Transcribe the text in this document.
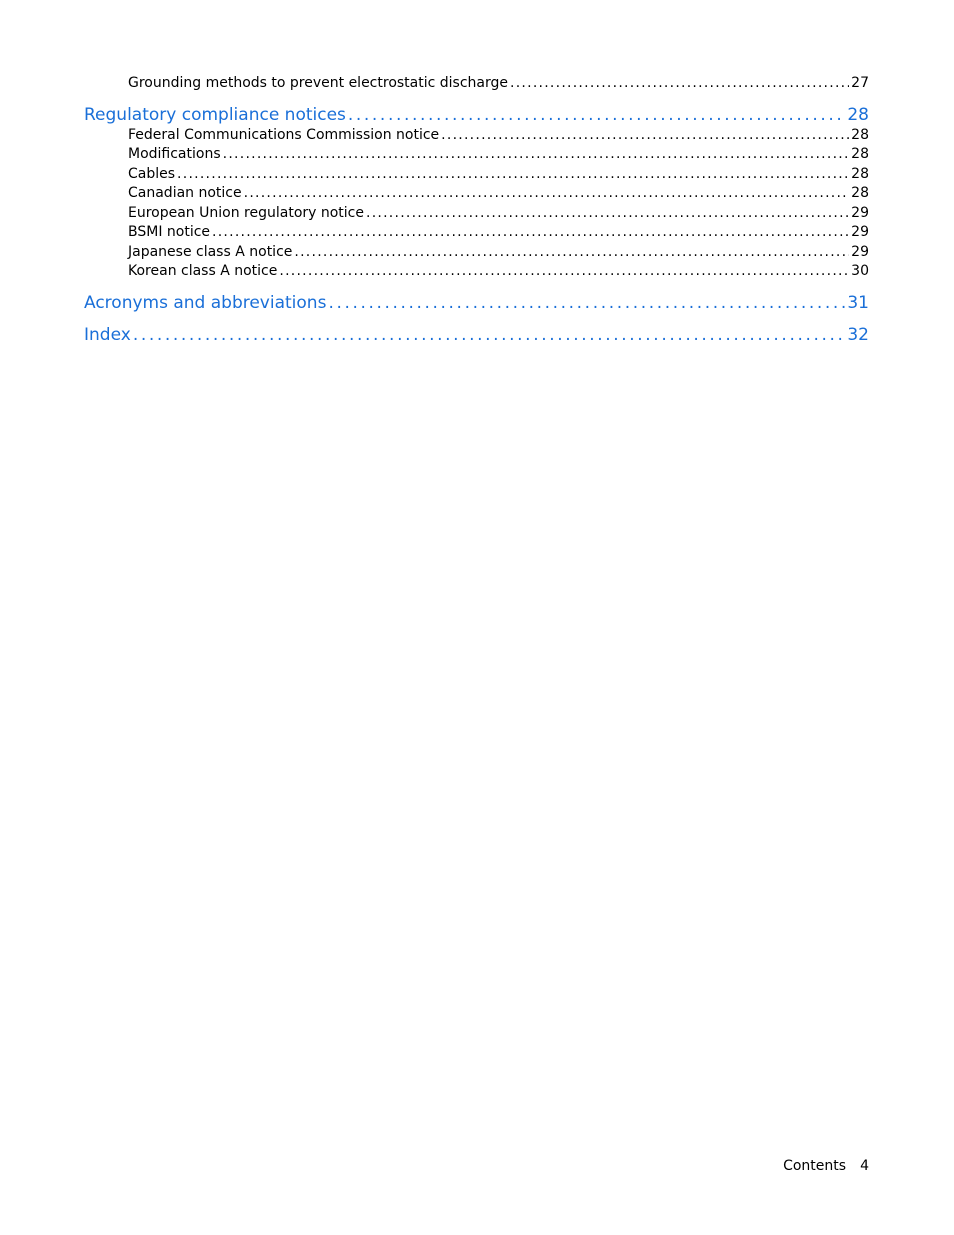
Grounding methods to prevent electrostatic discharge . . .	27
Regulatory compliance notices . . .	28
Federal Communications Commission notice . . .	28
Modifications . . .	28
Cables . . .	28
Canadian notice . . .	28
European Union regulatory notice . . .	29
BSMI notice . . .	29
Japanese class A notice . . .	29
Korean class A notice . . .	30
Acronyms and abbreviations . . .	31
Index . . .	32
Contents 4
